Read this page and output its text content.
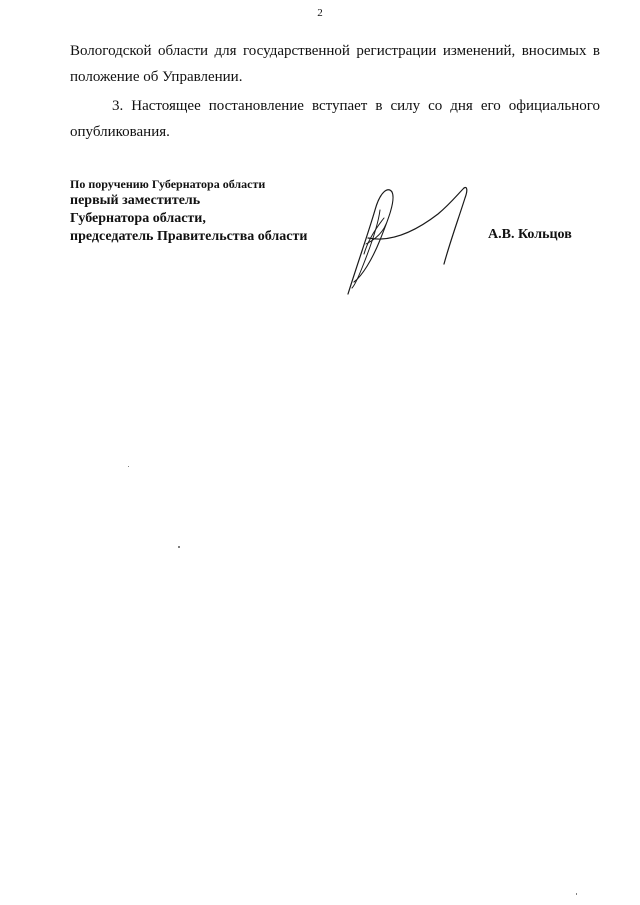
2

Вологодской области для государственной регистрации изменений, вносимых в положение об Управлении.

3. Настоящее постановление вступает в силу со дня его официального опубликования.

По поручению Губернатора области
первый заместитель
Губернатора области,
председатель Правительства области	А.В. Кольцов
